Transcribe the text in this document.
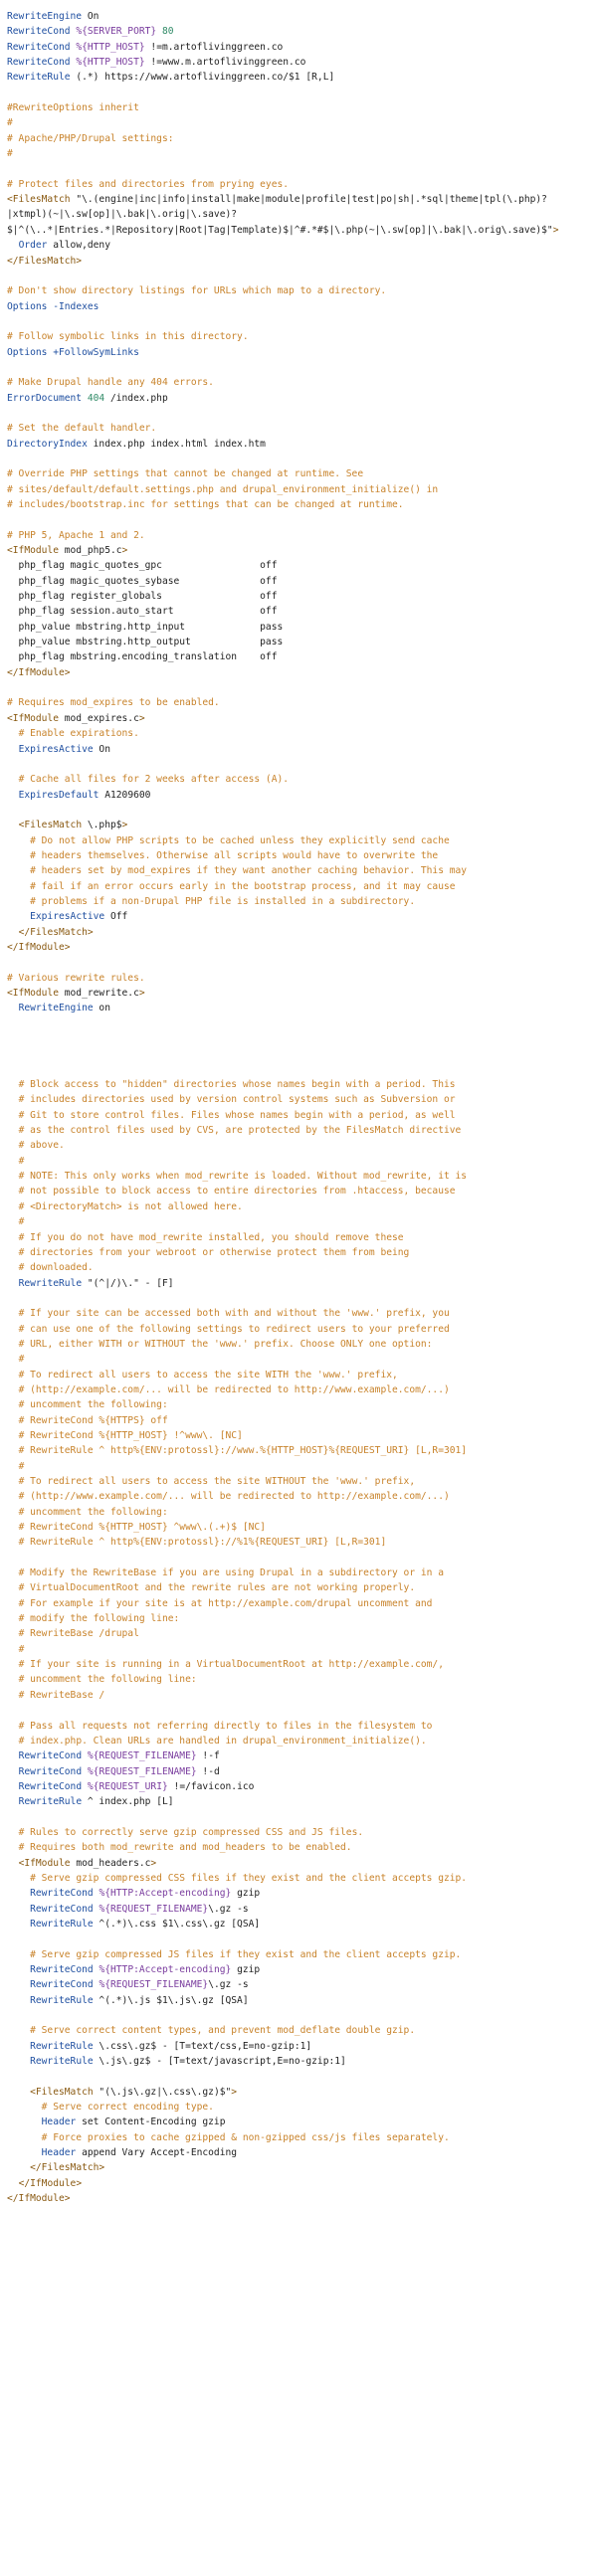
RewriteEngine On
RewriteCond %{SERVER_PORT} 80
RewriteCond %{HTTP_HOST} !=m.artoflivinggreen.co
RewriteCond %{HTTP_HOST} !=www.m.artoflivinggreen.co
RewriteRule (.*) https://www.artoflivinggreen.co/$1 [R,L]

#RewriteOptions inherit
#
# Apache/PHP/Drupal settings:
#

# Protect files and directories from prying eyes.
<FilesMatch "\.(engine|inc|info|install|make|module|profile|test|po|sh|.*sql|theme|tpl(\.php)?
|xtmpl)(~|\.sw[op]|\.bak|\.orig|\.save)?
$|^(\..*|Entries.*|Repository|Root|Tag|Template)$|^#.*#$|\.php(~|\.sw[op]|\.bak|\.orig\.save)$">
Order allow,deny
</FilesMatch>

# Don't show directory listings for URLs which map to a directory.
Options -Indexes

# Follow symbolic links in this directory.
Options +FollowSymLinks

# Make Drupal handle any 404 errors.
ErrorDocument 404 /index.php

# Set the default handler.
DirectoryIndex index.php index.html index.htm

# Override PHP settings that cannot be changed at runtime. See
# sites/default/default.settings.php and drupal_environment_initialize() in
# includes/bootstrap.inc for settings that can be changed at runtime.

# PHP 5, Apache 1 and 2.
<IfModule mod_php5.c>
php_flag magic_quotes_gpc                 off
php_flag magic_quotes_sybase              off
php_flag register_globals                 off
php_flag session.auto_start               off
php_value mbstring.http_input             pass
php_value mbstring.http_output            pass
php_flag mbstring.encoding_translation    off
</IfModule>

# Requires mod_expires to be enabled.
<IfModule mod_expires.c>
# Enable expirations.
ExpiresActive On

# Cache all files for 2 weeks after access (A).
ExpiresDefault A1209600

<FilesMatch \.php$>
# Do not allow PHP scripts to be cached unless they explicitly send cache
# headers themselves. Otherwise all scripts would have to overwrite the
# headers set by mod_expires if they want another caching behavior. This may
# fail if an error occurs early in the bootstrap process, and it may cause
# problems if a non-Drupal PHP file is installed in a subdirectory.
ExpiresActive Off
</FilesMatch>
</IfModule>

# Various rewrite rules.
<IfModule mod_rewrite.c>
RewriteEngine on

# Block access to "hidden" directories whose names begin with a period. This
# includes directories used by version control systems such as Subversion or
# Git to store control files. Files whose names begin with a period, as well
# as the control files used by CVS, are protected by the FilesMatch directive
# above.
#
# NOTE: This only works when mod_rewrite is loaded. Without mod_rewrite, it is
# not possible to block access to entire directories from .htaccess, because
# <DirectoryMatch> is not allowed here.
#
# If you do not have mod_rewrite installed, you should remove these
# directories from your webroot or otherwise protect them from being
# downloaded.
RewriteRule "(^|/)\." - [F]

# If your site can be accessed both with and without the 'www.' prefix, you
# can use one of the following settings to redirect users to your preferred
# URL, either WITH or WITHOUT the 'www.' prefix. Choose ONLY one option:
#
# To redirect all users to access the site WITH the 'www.' prefix,
# (http://example.com/... will be redirected to http://www.example.com/...)
# uncomment the following:
# RewriteCond %{HTTPS} off
# RewriteCond %{HTTP_HOST} !^www\. [NC]
# RewriteRule ^ http%{ENV:protossl}://www.%{HTTP_HOST}%{REQUEST_URI} [L,R=301]
#
# To redirect all users to access the site WITHOUT the 'www.' prefix,
# (http://www.example.com/... will be redirected to http://example.com/...)
# uncomment the following:
# RewriteCond %{HTTP_HOST} ^www\.(.+)$ [NC]
# RewriteRule ^ http%{ENV:protossl}://%1%{REQUEST_URI} [L,R=301]

# Modify the RewriteBase if you are using Drupal in a subdirectory or in a
# VirtualDocumentRoot and the rewrite rules are not working properly.
# For example if your site is at http://example.com/drupal uncomment and
# modify the following line:
# RewriteBase /drupal
#
# If your site is running in a VirtualDocumentRoot at http://example.com/,
# uncomment the following line:
# RewriteBase /

# Pass all requests not referring directly to files in the filesystem to
# index.php. Clean URLs are handled in drupal_environment_initialize().
RewriteCond %{REQUEST_FILENAME} !-f
RewriteCond %{REQUEST_FILENAME} !-d
RewriteCond %{REQUEST_URI} !=/favicon.ico
RewriteRule ^ index.php [L]

# Rules to correctly serve gzip compressed CSS and JS files.
# Requires both mod_rewrite and mod_headers to be enabled.
<IfModule mod_headers.c>
# Serve gzip compressed CSS files if they exist and the client accepts gzip.
RewriteCond %{HTTP:Accept-encoding} gzip
RewriteCond %{REQUEST_FILENAME}\.gz -s
RewriteRule ^(.*)\.css $1\.css\.gz [QSA]

# Serve gzip compressed JS files if they exist and the client accepts gzip.
RewriteCond %{HTTP:Accept-encoding} gzip
RewriteCond %{REQUEST_FILENAME}\.gz -s
RewriteRule ^(.*)\.js $1\.js\.gz [QSA]

# Serve correct content types, and prevent mod_deflate double gzip.
RewriteRule \.css\.gz$ - [T=text/css,E=no-gzip:1]
RewriteRule \.js\.gz$ - [T=text/javascript,E=no-gzip:1]

<FilesMatch "(\.js\.gz|\.css\.gz)$">
# Serve correct encoding type.
Header set Content-Encoding gzip
# Force proxies to cache gzipped & non-gzipped css/js files separately.
Header append Vary Accept-Encoding
</FilesMatch>
</IfModule>
</IfModule>
